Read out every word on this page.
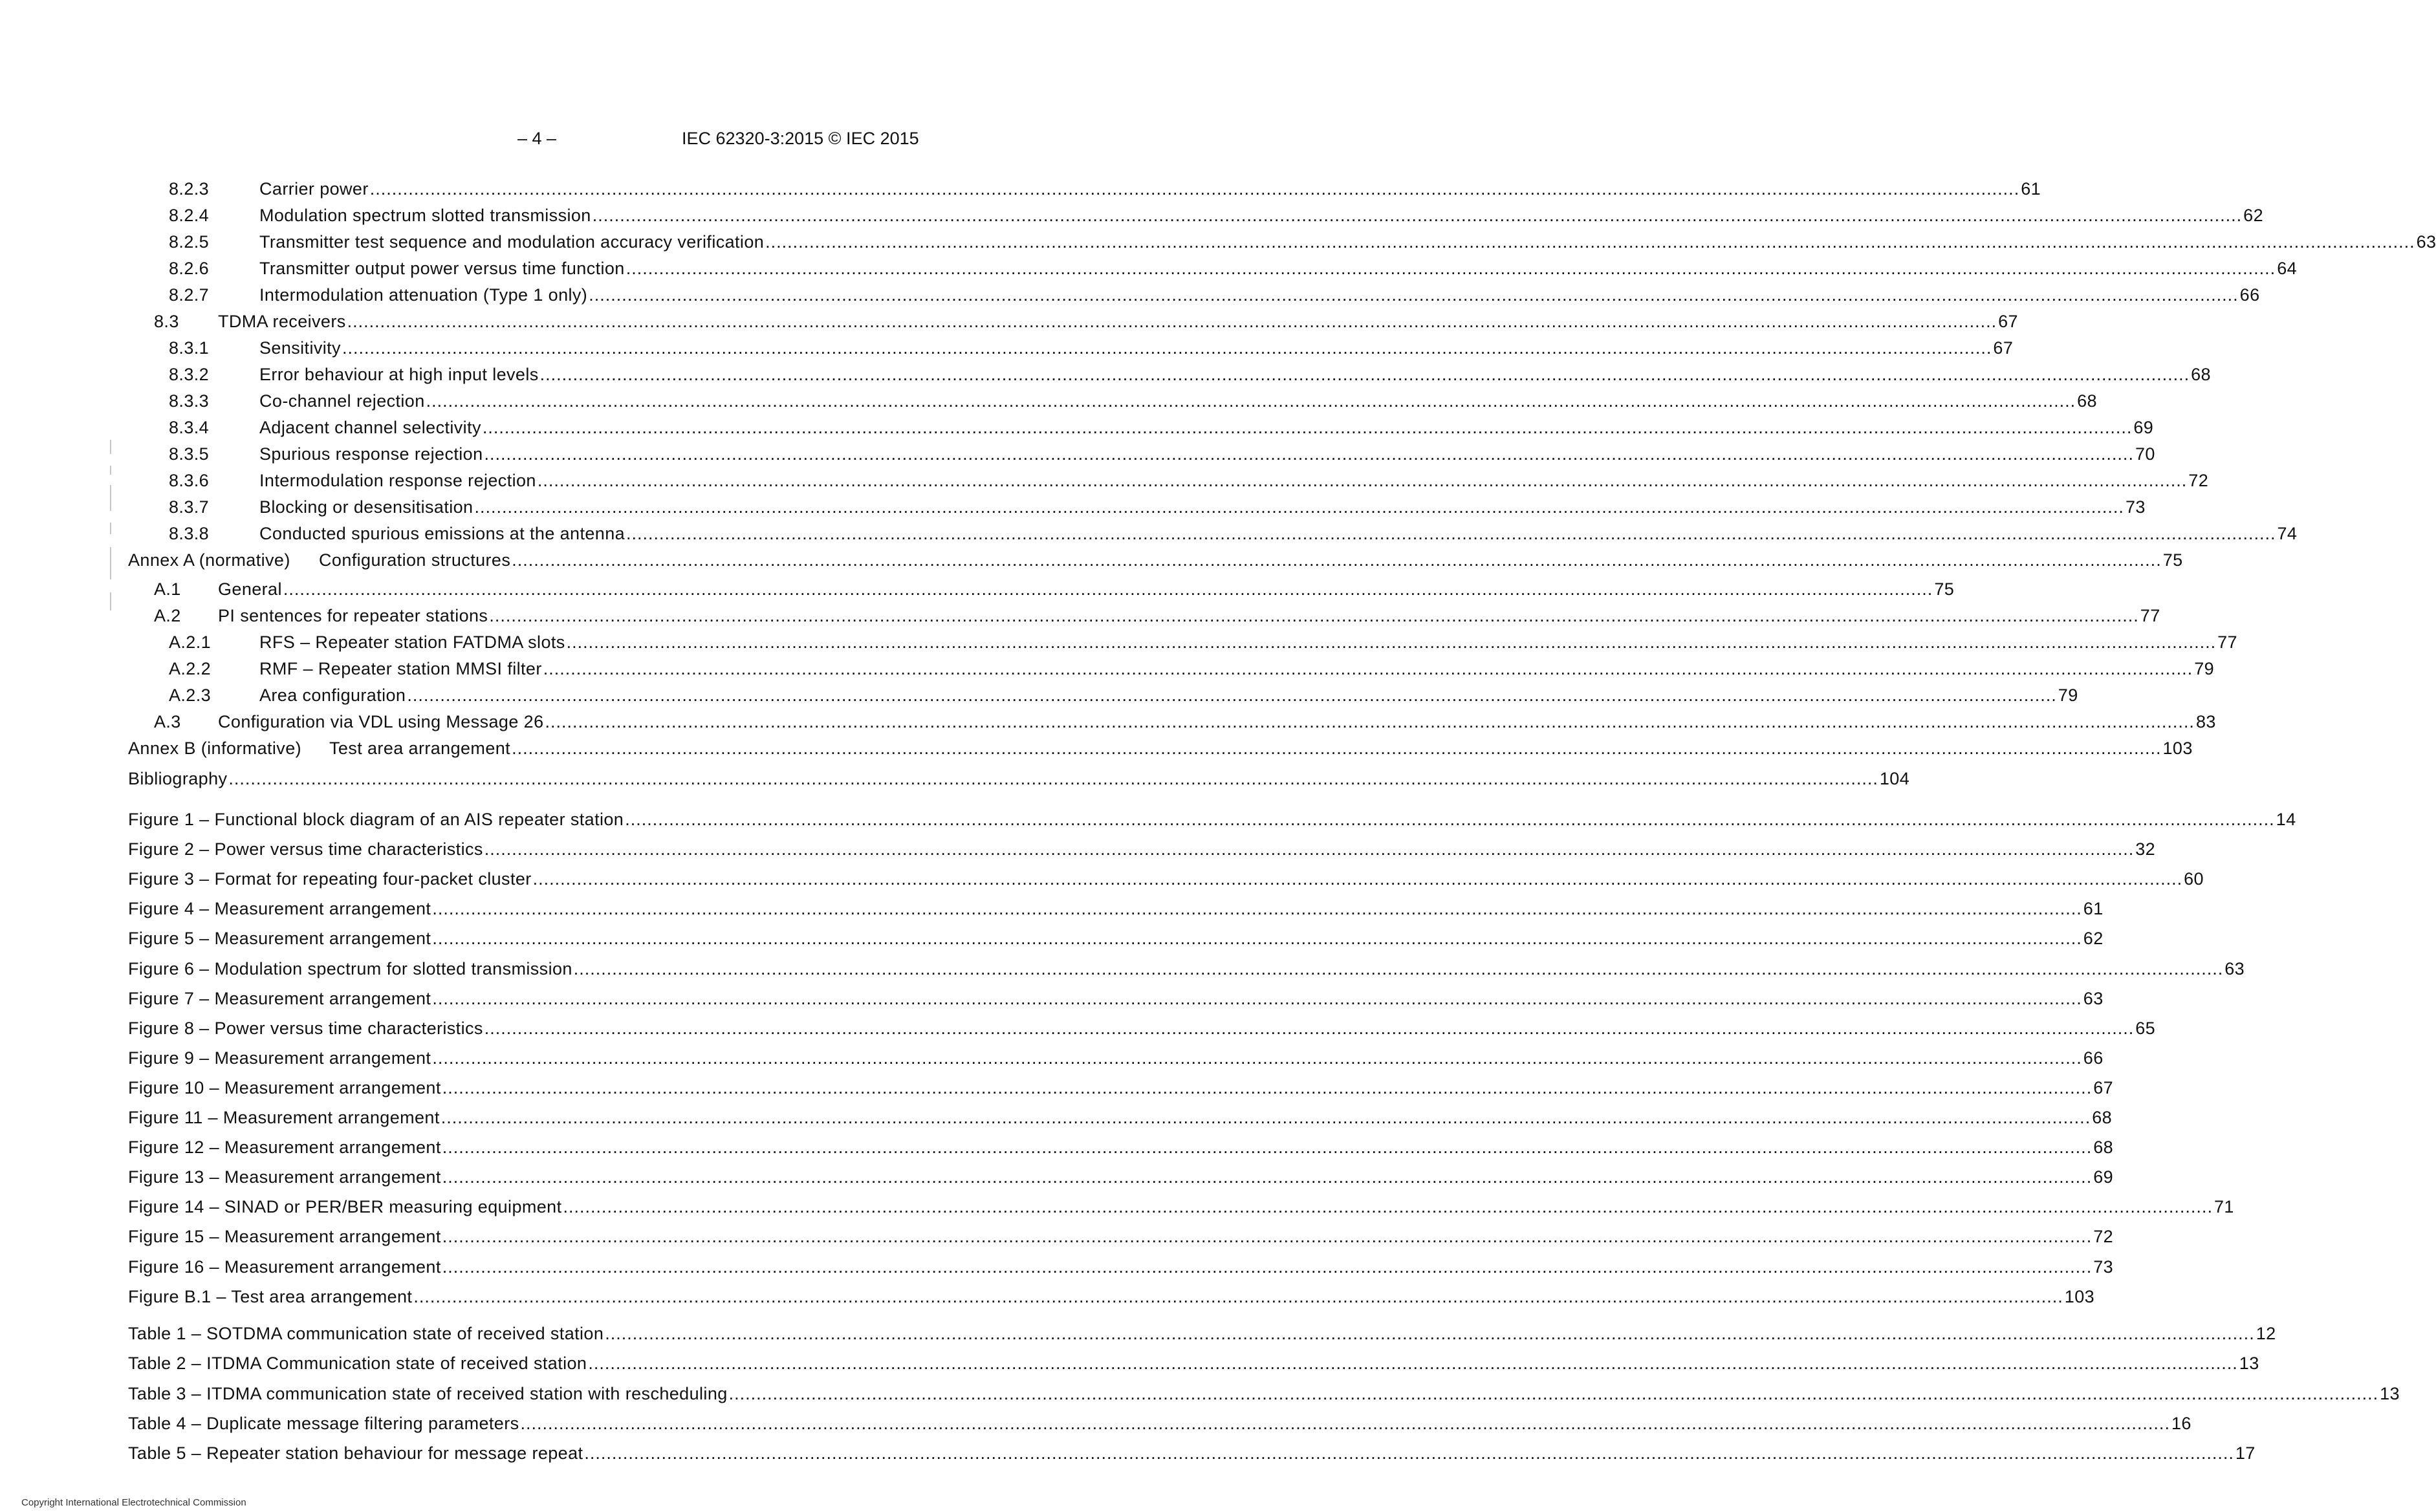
– 4 –	IEC 62320-3:2015 © IEC 2015
8.2.3	Carrier power ............................................................................................................................................................................................................................................................................................................ 61
8.2.4	Modulation spectrum slotted transmission ............................................................................................................................................................................................................................................................................................................ 62
8.2.5	Transmitter test sequence and modulation accuracy verification ............................................................................................................................................................................................................................................................................................................ 63
8.2.6	Transmitter output power versus time function ............................................................................................................................................................................................................................................................................................................ 64
8.2.7	Intermodulation attenuation (Type 1 only) ............................................................................................................................................................................................................................................................................................................ 66
8.3	TDMA receivers ............................................................................................................................................................................................................................................................................................................ 67
8.3.1	Sensitivity ............................................................................................................................................................................................................................................................................................................ 67
8.3.2	Error behaviour at high input levels ............................................................................................................................................................................................................................................................................................................ 68
8.3.3	Co-channel rejection ............................................................................................................................................................................................................................................................................................................ 68
8.3.4	Adjacent channel selectivity ............................................................................................................................................................................................................................................................................................................ 69
8.3.5	Spurious response rejection ............................................................................................................................................................................................................................................................................................................ 70
8.3.6	Intermodulation response rejection ............................................................................................................................................................................................................................................................................................................ 72
8.3.7	Blocking or desensitisation ............................................................................................................................................................................................................................................................................................................ 73
8.3.8	Conducted spurious emissions at the antenna ............................................................................................................................................................................................................................................................................................................ 74
Annex A (normative)	Configuration structures ............................................................................................................................................................................................................................................................................................................ 75
A.1	General ............................................................................................................................................................................................................................................................................................................ 75
A.2	PI sentences for repeater stations ............................................................................................................................................................................................................................................................................................................ 77
A.2.1	RFS – Repeater station FATDMA slots ............................................................................................................................................................................................................................................................................................................ 77
A.2.2	RMF – Repeater station MMSI filter ............................................................................................................................................................................................................................................................................................................ 79
A.2.3	Area configuration ............................................................................................................................................................................................................................................................................................................ 79
A.3	Configuration via VDL using Message 26 ............................................................................................................................................................................................................................................................................................................ 83
Annex B (informative)	Test area arrangement ............................................................................................................................................................................................................................................................................................................ 103
Bibliography ............................................................................................................................................................................................................................................................................................................ 104
Figure 1 – Functional block diagram of an AIS repeater station ............................................................................................................................................................................................................................................................................................................ 14
Figure 2 – Power versus time characteristics ............................................................................................................................................................................................................................................................................................................ 32
Figure 3 – Format for repeating four-packet cluster ............................................................................................................................................................................................................................................................................................................ 60
Figure 4 – Measurement arrangement ............................................................................................................................................................................................................................................................................................................ 61
Figure 5 – Measurement arrangement ............................................................................................................................................................................................................................................................................................................ 62
Figure 6 – Modulation spectrum for slotted transmission ............................................................................................................................................................................................................................................................................................................ 63
Figure 7 – Measurement arrangement ............................................................................................................................................................................................................................................................................................................ 63
Figure 8 – Power versus time characteristics ............................................................................................................................................................................................................................................................................................................ 65
Figure 9 – Measurement arrangement ............................................................................................................................................................................................................................................................................................................ 66
Figure 10 – Measurement arrangement ............................................................................................................................................................................................................................................................................................................ 67
Figure 11 – Measurement arrangement ............................................................................................................................................................................................................................................................................................................ 68
Figure 12 – Measurement arrangement ............................................................................................................................................................................................................................................................................................................ 68
Figure 13 – Measurement arrangement ............................................................................................................................................................................................................................................................................................................ 69
Figure 14 – SINAD or PER/BER measuring equipment ............................................................................................................................................................................................................................................................................................................ 71
Figure 15 – Measurement arrangement ............................................................................................................................................................................................................................................................................................................ 72
Figure 16 – Measurement arrangement ............................................................................................................................................................................................................................................................................................................ 73
Figure B.1 – Test area arrangement ............................................................................................................................................................................................................................................................................................................ 103
Table 1 – SOTDMA communication state of received station ............................................................................................................................................................................................................................................................................................................ 12
Table 2 – ITDMA Communication state of received station ............................................................................................................................................................................................................................................................................................................ 13
Table 3 – ITDMA communication state of received station with rescheduling ............................................................................................................................................................................................................................................................................................................ 13
Table 4 – Duplicate message filtering parameters ............................................................................................................................................................................................................................................................................................................ 16
Table 5 – Repeater station behaviour for message repeat ............................................................................................................................................................................................................................................................................................................ 17
Copyright International Electrotechnical Commission
